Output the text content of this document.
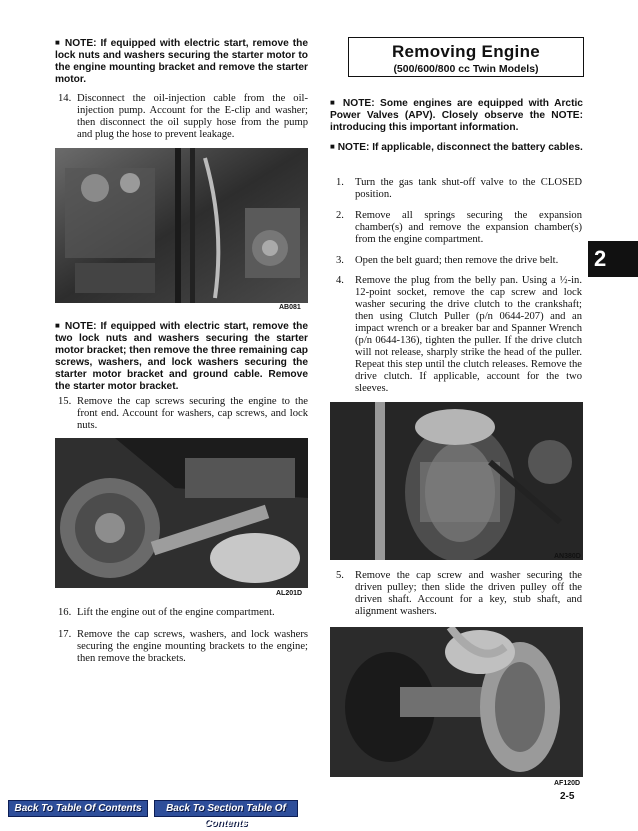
■ NOTE: If equipped with electric start, remove the lock nuts and washers securing the starter motor to the engine mounting bracket and remove the starter motor.

14. Disconnect the oil-injection cable from the oil-injection pump. Account for the E-clip and washer; then disconnect the oil supply hose from the pump and plug the hose to prevent leakage.
AB081

■ NOTE: If equipped with electric start, remove the two lock nuts and washers securing the starter motor bracket; then remove the three remaining cap screws, washers, and lock washers securing the starter motor bracket and ground cable. Remove the starter motor bracket.

15. Remove the cap screws securing the engine to the front end. Account for washers, cap screws, and lock nuts.
AL201D
16. Lift the engine out of the engine compartment.
17. Remove the cap screws, washers, and lock washers securing the engine mounting brackets to the engine; then remove the brackets.
Removing Engine
(500/600/800 cc Twin Models)

■ NOTE: Some engines are equipped with Arctic Power Valves (APV). Closely observe the NOTE: introducing this important information.

■ NOTE: If applicable, disconnect the battery cables.

1.	Turn the gas tank shut-off valve to the CLOSED position.
2.	Remove all springs securing the expansion chamber(s) and remove the expansion chamber(s) from the engine compartment.
3.	Open the belt guard; then remove the drive belt.
4.	Remove the plug from the belly pan. Using a ½-in. 12-point socket, remove the cap screw and lock washer securing the drive clutch to the crankshaft; then using Clutch Puller (p/n 0644-207) and an impact wrench or a breaker bar and Spanner Wrench (p/n 0644-136), tighten the puller. If the drive clutch will not release, sharply strike the head of the puller. Repeat this step until the clutch releases. Remove the drive clutch. If applicable, account for the two sleeves.
AN380D
5.	Remove the cap screw and washer securing the driven pulley; then slide the driven pulley off the driven shaft. Account for a key, stub shaft, and alignment washers.
AF120D
2
2-5
Back To Table Of Contents	Back To Section Table Of Contents
